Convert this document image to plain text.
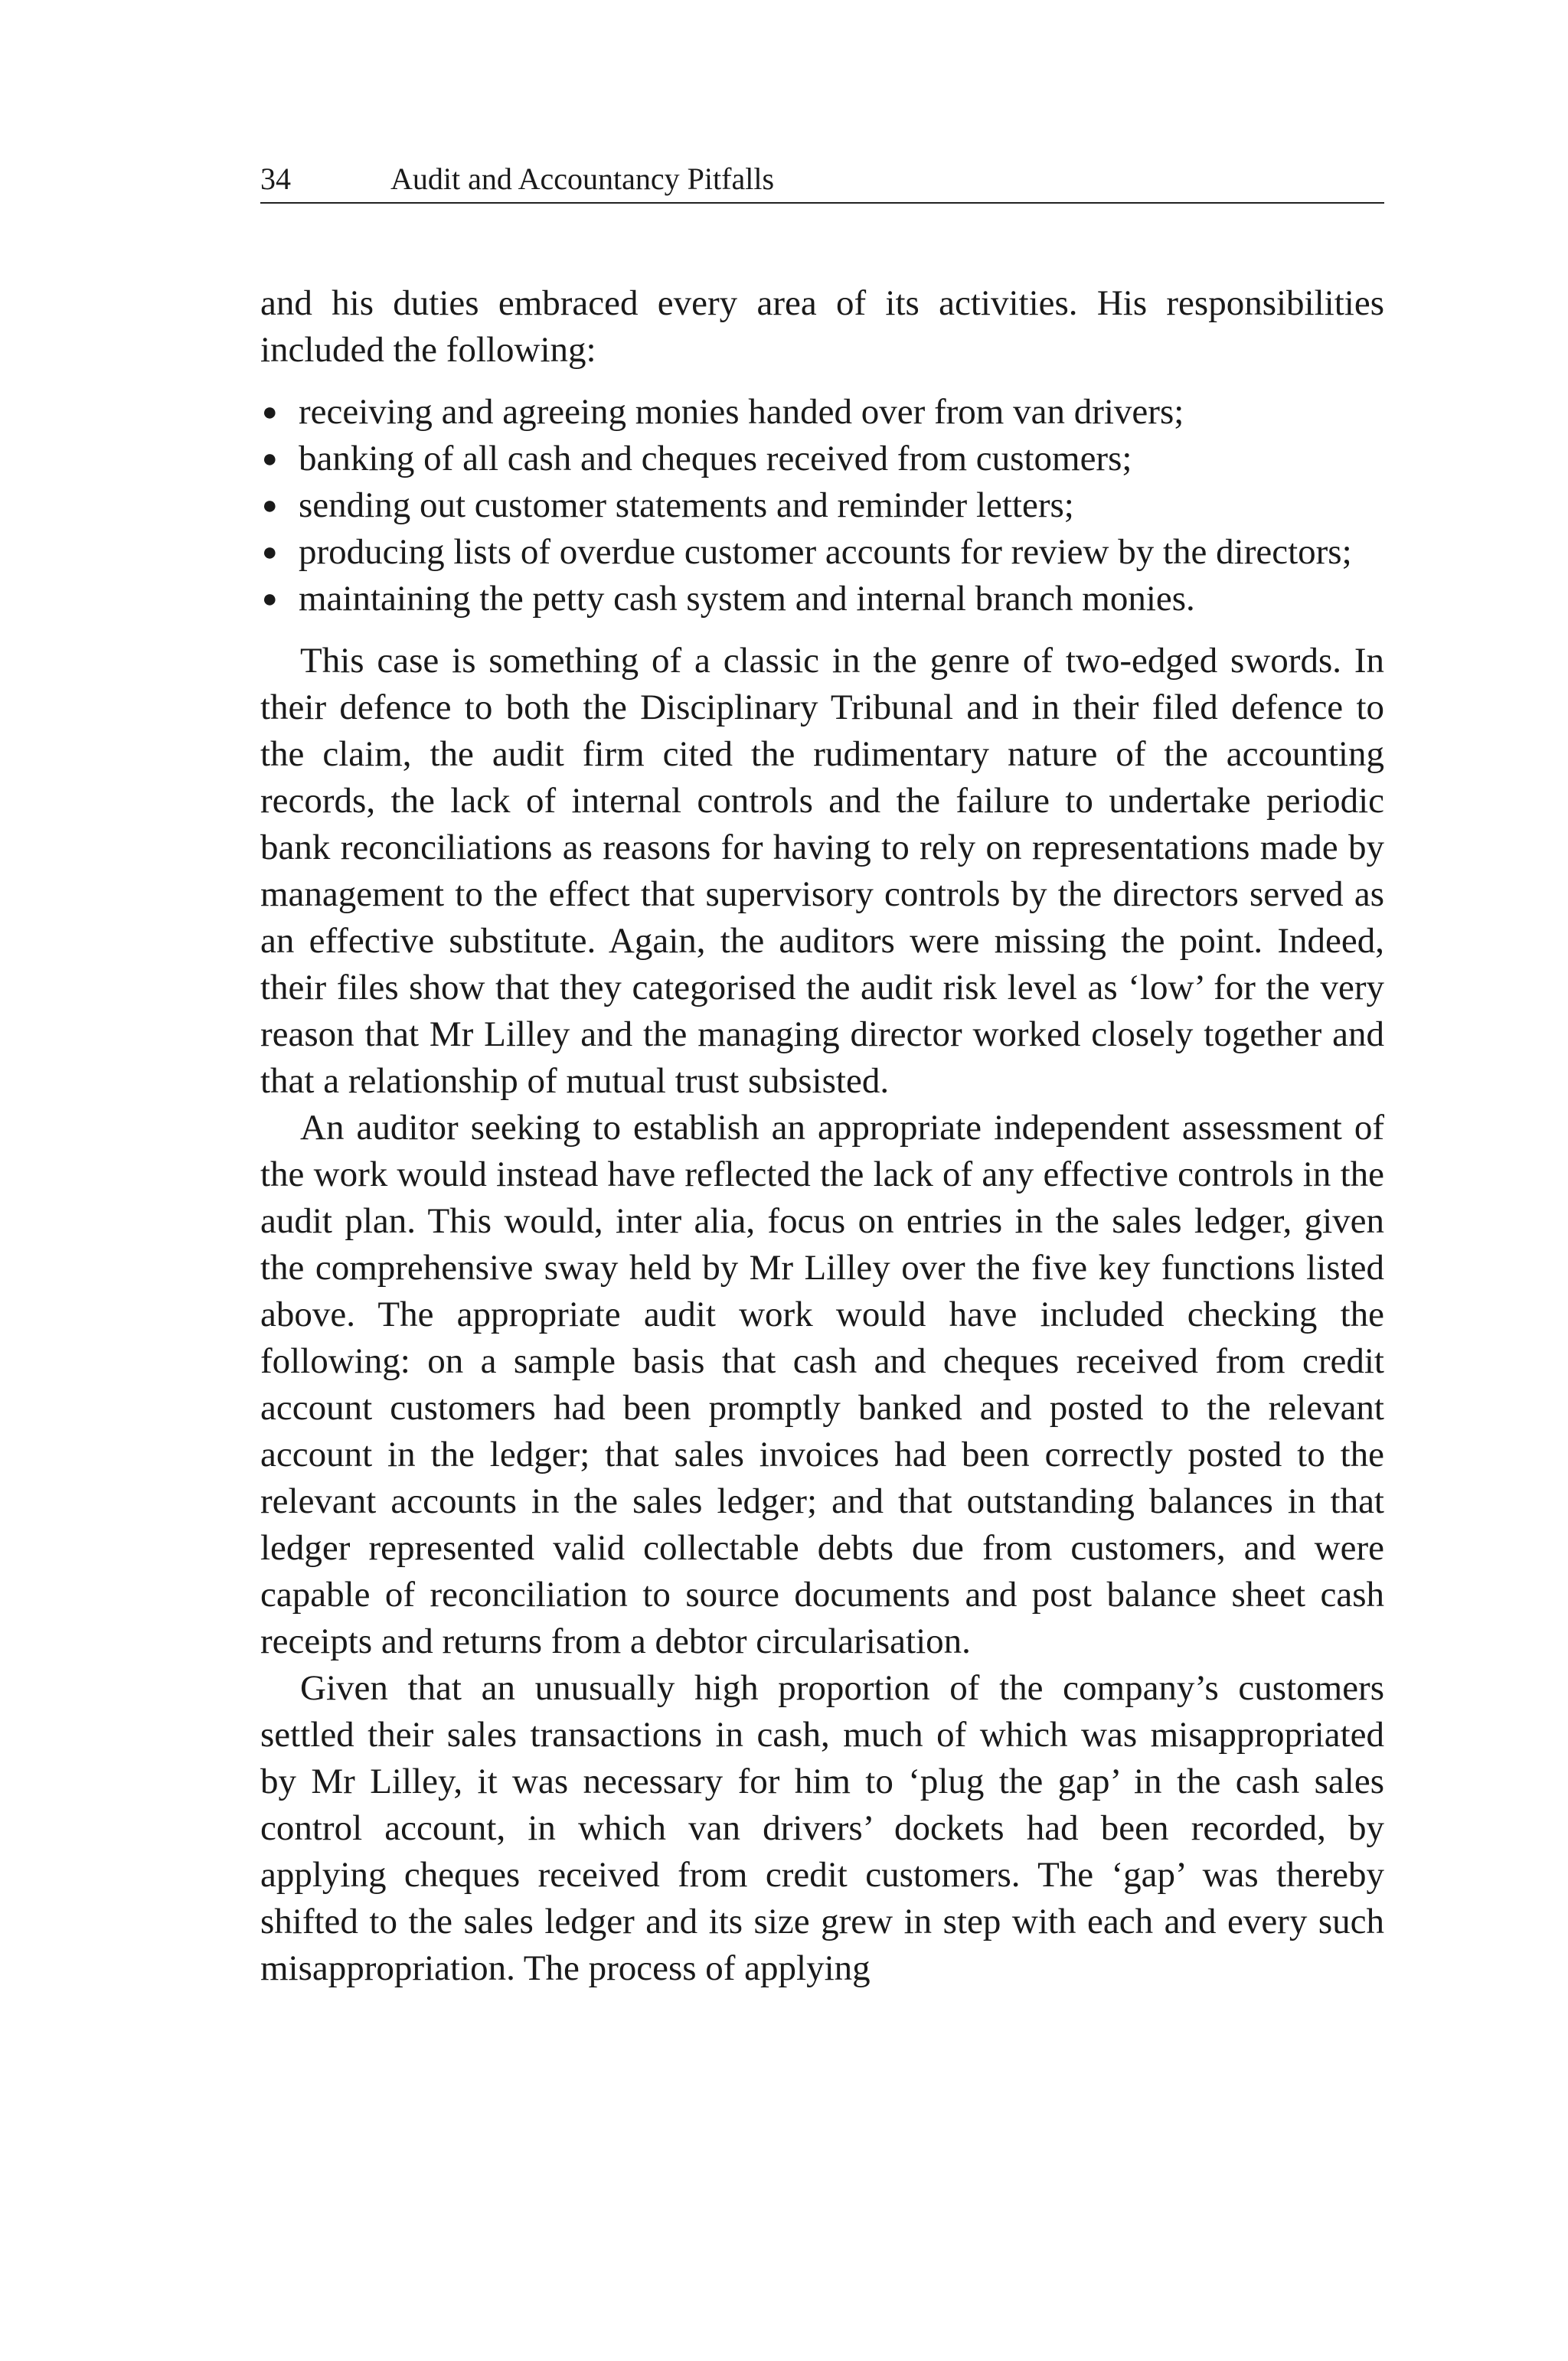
34	Audit and Accountancy Pitfalls

and his duties embraced every area of its activities. His responsibilities included the following:

● receiving and agreeing monies handed over from van drivers;
● banking of all cash and cheques received from customers;
● sending out customer statements and reminder letters;
● producing lists of overdue customer accounts for review by the directors;
● maintaining the petty cash system and internal branch monies.

This case is something of a classic in the genre of two-edged swords. In their defence to both the Disciplinary Tribunal and in their filed defence to the claim, the audit firm cited the rudimentary nature of the accounting records, the lack of internal controls and the failure to undertake periodic bank reconciliations as reasons for having to rely on representations made by management to the effect that supervisory controls by the directors served as an effective substitute. Again, the auditors were missing the point. Indeed, their files show that they categorised the audit risk level as ‘low’ for the very reason that Mr Lilley and the managing director worked closely together and that a relationship of mutual trust subsisted.

An auditor seeking to establish an appropriate independent assessment of the work would instead have reflected the lack of any effective controls in the audit plan. This would, inter alia, focus on entries in the sales ledger, given the comprehensive sway held by Mr Lilley over the five key functions listed above. The appropriate audit work would have included checking the following: on a sample basis that cash and cheques received from credit account customers had been promptly banked and posted to the relevant account in the ledger; that sales invoices had been correctly posted to the relevant accounts in the sales ledger; and that outstanding balances in that ledger represented valid collectable debts due from customers, and were capable of reconciliation to source documents and post balance sheet cash receipts and returns from a debtor circularisation.

Given that an unusually high proportion of the company’s customers settled their sales transactions in cash, much of which was misappropriated by Mr Lilley, it was necessary for him to ‘plug the gap’ in the cash sales control account, in which van drivers’ dockets had been recorded, by applying cheques received from credit customers. The ‘gap’ was thereby shifted to the sales ledger and its size grew in step with each and every such misappropriation. The process of applying
